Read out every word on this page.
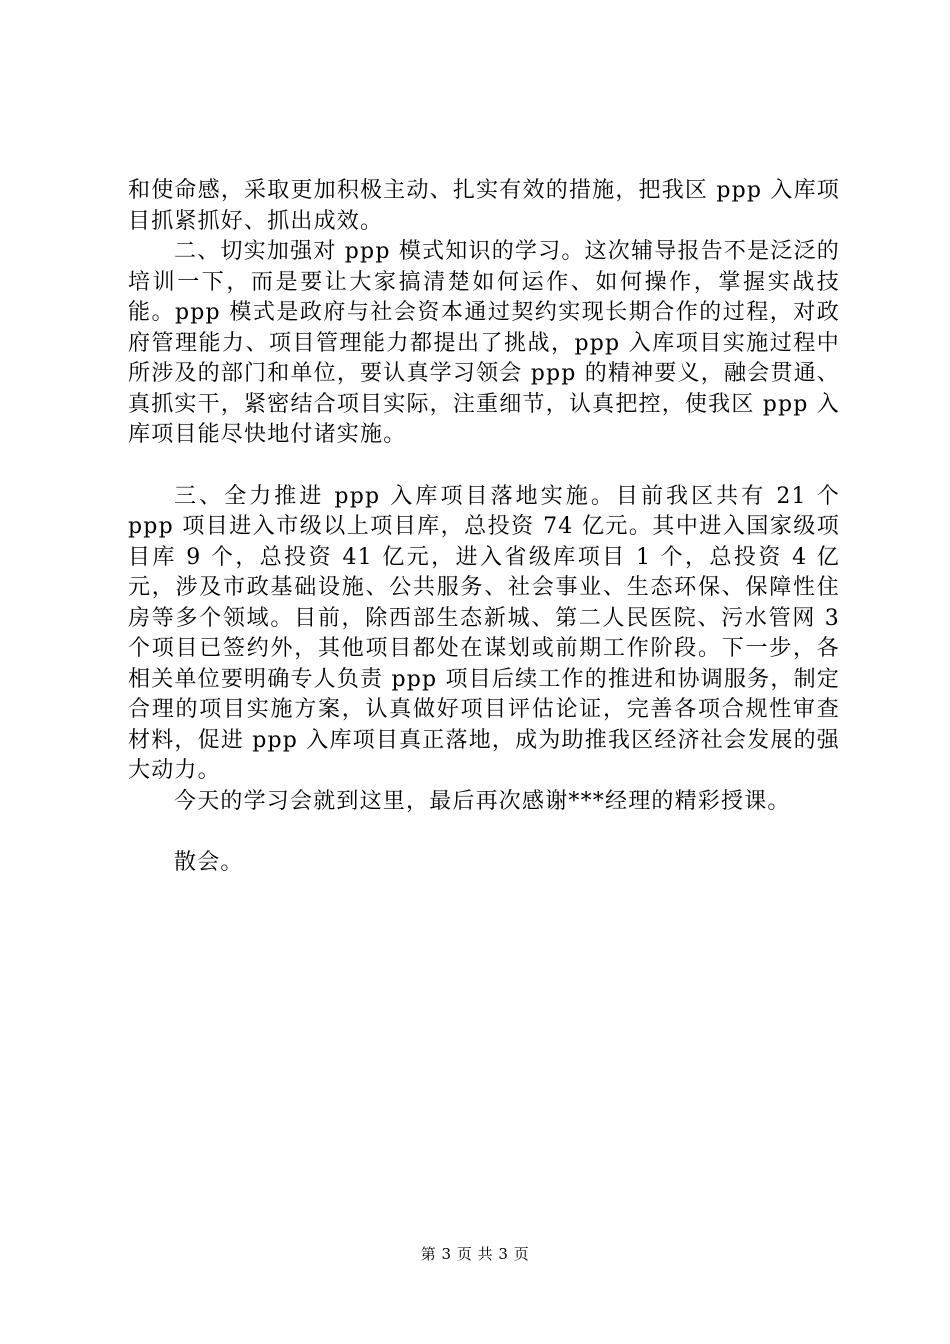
和使命感，采取更加积极主动、扎实有效的措施，把我区 ppp 入库项目抓紧抓好、抓出成效。

二、切实加强对 ppp 模式知识的学习。这次辅导报告不是泛泛的培训一下，而是要让大家搞清楚如何运作、如何操作，掌握实战技能。ppp 模式是政府与社会资本通过契约实现长期合作的过程，对政府管理能力、项目管理能力都提出了挑战，ppp 入库项目实施过程中所涉及的部门和单位，要认真学习领会 ppp 的精神要义，融会贯通、真抓实干，紧密结合项目实际，注重细节，认真把控，使我区 ppp 入库项目能尽快地付诸实施。

三、全力推进 ppp 入库项目落地实施。目前我区共有 21 个 ppp 项目进入市级以上项目库，总投资 74 亿元。其中进入国家级项目库 9 个，总投资 41 亿元，进入省级库项目 1 个，总投资 4 亿元，涉及市政基础设施、公共服务、社会事业、生态环保、保障性住房等多个领域。目前，除西部生态新城、第二人民医院、污水管网 3 个项目已签约外，其他项目都处在谋划或前期工作阶段。下一步，各相关单位要明确专人负责 ppp 项目后续工作的推进和协调服务，制定合理的项目实施方案，认真做好项目评估论证，完善各项合规性审查材料，促进 ppp 入库项目真正落地，成为助推我区经济社会发展的强大动力。

今天的学习会就到这里，最后再次感谢***经理的精彩授课。

散会。

第 3 页 共 3 页
